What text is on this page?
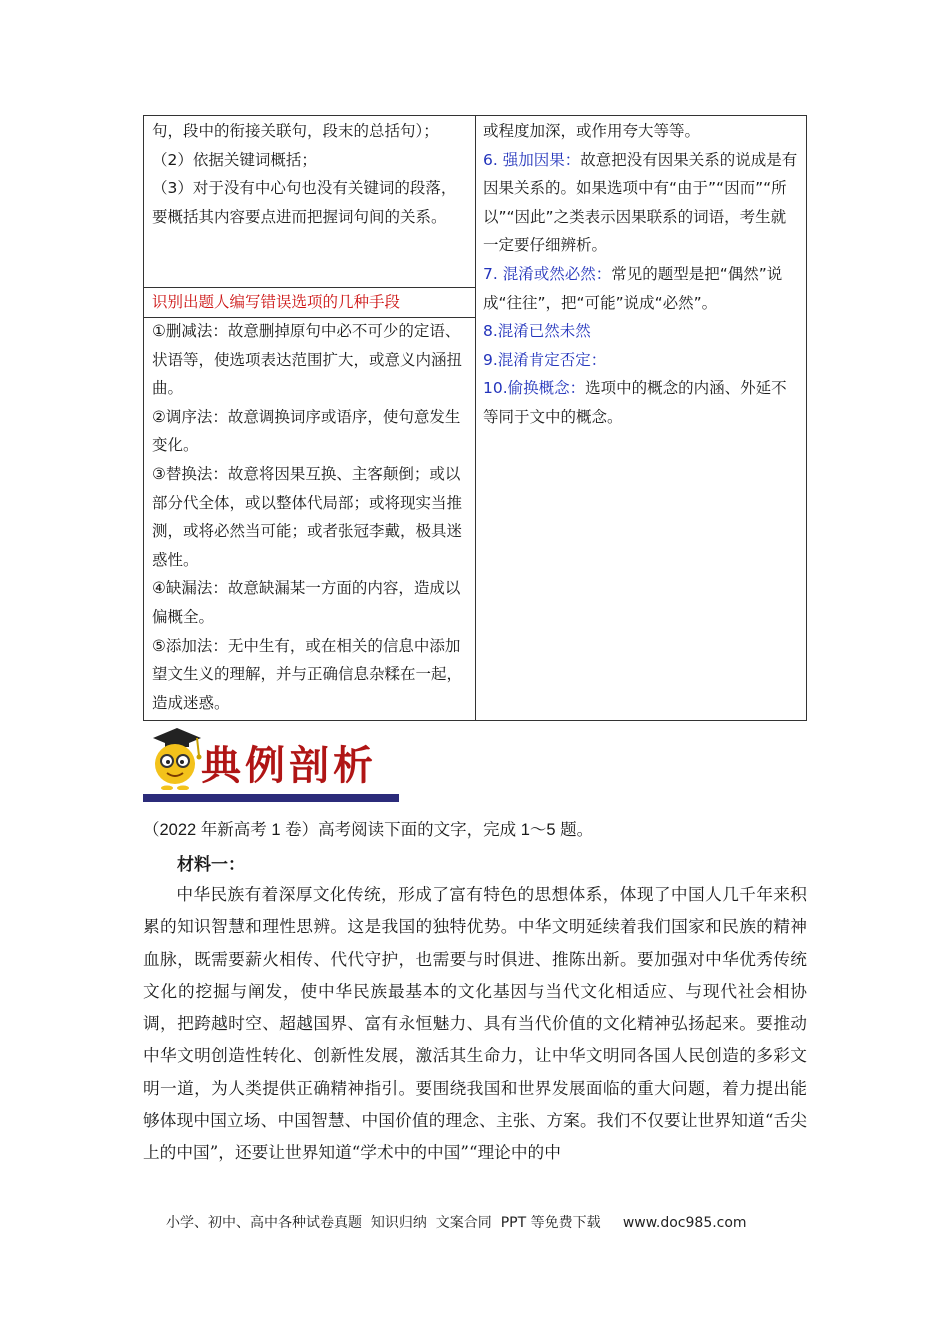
句，段中的衔接关联句，段末的总括句）；

（2）依据关键词概括；

（3）对于没有中心句也没有关键词的段落，要概括其内容要点进而把握词句间的关系。

识别出题人编写错误选项的几种手段

①删减法：故意删掉原句中必不可少的定语、状语等，使选项表达范围扩大，或意义内涵扭曲。

②调序法：故意调换词序或语序，使句意发生变化。

③替换法：故意将因果互换、主客颠倒；或以部分代全体，或以整体代局部；或将现实当推测，或将必然当可能；或者张冠李戴，极具迷惑性。

④缺漏法：故意缺漏某一方面的内容，造成以偏概全。

⑤添加法：无中生有，或在相关的信息中添加望文生义的理解，并与正确信息杂糅在一起，造成迷惑。

或程度加深，或作用夸大等等。

6. 强加因果：故意把没有因果关系的说成是有因果关系的。如果选项中有“由于”“因而”“所以”“因此”之类表示因果联系的词语，考生就一定要仔细辨析。

7. 混淆或然必然：常见的题型是把“偶然”说成“往往”，把“可能”说成“必然”。

8.混淆已然未然

9.混淆肯定否定：

10.偷换概念：选项中的概念的内涵、外延不等同于文中的概念。

典例剖析
（2022 年新高考 1 卷）高考阅读下面的文字，完成 1～5 题。
材料一：

中华民族有着深厚文化传统，形成了富有特色的思想体系，体现了中国人几千年来积累的知识智慧和理性思辨。这是我国的独特优势。中华文明延续着我们国家和民族的精神血脉，既需要薪火相传、代代守护，也需要与时俱进、推陈出新。要加强对中华优秀传统文化的挖掘与阐发，使中华民族最基本的文化基因与当代文化相适应、与现代社会相协调，把跨越时空、超越国界、富有永恒魅力、具有当代价值的文化精神弘扬起来。要推动中华文明创造性转化、创新性发展，激活其生命力，让中华文明同各国人民创造的多彩文明一道，为人类提供正确精神指引。要围绕我国和世界发展面临的重大问题，着力提出能够体现中国立场、中国智慧、中国价值的理念、主张、方案。我们不仅要让世界知道“舌尖上的中国”，还要让世界知道“学术中的中国”“理论中的中

小学、初中、高中各种试卷真题  知识归纳  文案合同  PPT 等免费下载     www.doc985.com
